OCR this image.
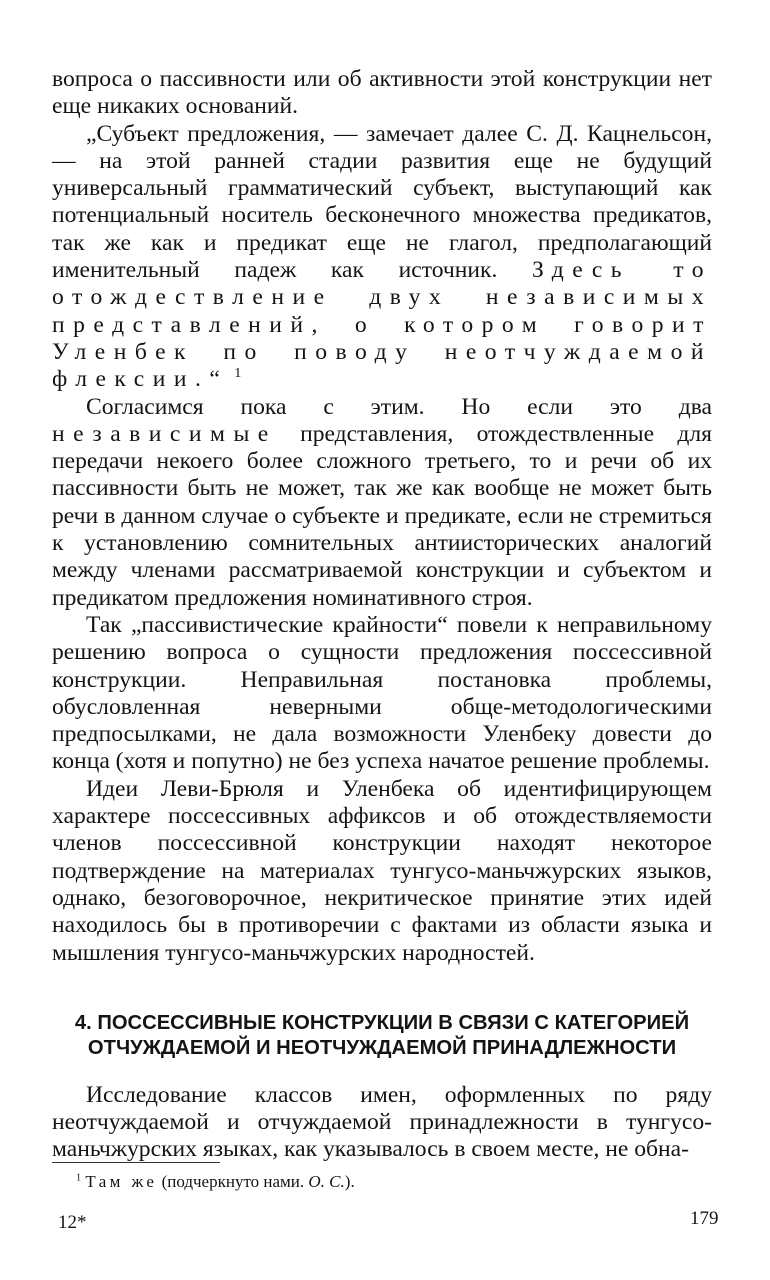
вопроса о пассивности или об активности этой конструкции нет еще никаких оснований.

„Субъект предложения, — замечает далее С. Д. Кацнельсон,— на этой ранней стадии развития еще не будущий универсальный грамматический субъект, выступающий как потенциальный носитель бесконечного множества предикатов, так же как и предикат еще не глагол, предполагающий именительный падеж как источник. Здесь то отождествление двух независимых представлений, о котором говорит Уленбек по поводу неотчуждаемой флексии.“ $^1$

Согласимся пока с этим. Но если это два независимые представления, отождествленные для передачи некоего более сложного третьего, то и речи об их пассивности быть не может, так же как вообще не может быть речи в данном случае о субъекте и предикате, если не стремиться к установлению сомнительных антиисторических аналогий между членами рассматриваемой конструкции и субъектом и предикатом предложения номинативного строя.

Так „пассивистические крайности“ повели к неправильному решению вопроса о сущности предложения поссессивной конструкции. Неправильная постановка проблемы, обусловленная неверными обще-методологическими предпосылками, не дала возможности Уленбеку довести до конца (хотя и попутно) не без успеха начатое решение проблемы.

Идеи Леви-Брюля и Уленбека об идентифицирующем характере поссессивных аффиксов и об отождествляемости членов поссессивной конструкции находят некоторое подтверждение на материалах тунгусо-маньчжурских языков, однако, безоговорочное, некритическое принятие этих идей находилось бы в противоречии с фактами из области языка и мышления тунгусо-маньчжурских народностей.

4. ПОССЕССИВНЫЕ КОНСТРУКЦИИ В СВЯЗИ С КАТЕГОРИЕЙ
ОТЧУЖДАЕМОЙ И НЕОТЧУЖДАЕМОЙ ПРИНАДЛЕЖНОСТИ

Исследование классов имен, оформленных по ряду неотчуждаемой и отчуждаемой принадлежности в тунгусо-маньчжурских языках, как указывалось в своем месте, не обна-

$^1$ Там же (подчеркнуто нами. О. С.).
12*	179
